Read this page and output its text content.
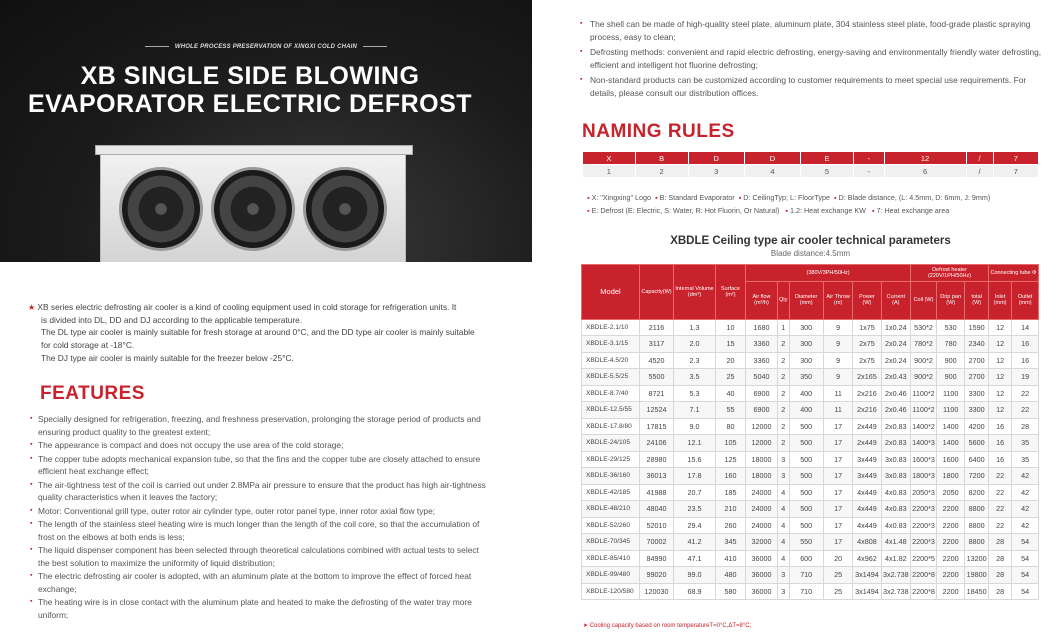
WHOLE PROCESS PRESERVATION OF XINGXI COLD CHAIN
XB SINGLE SIDE BLOWING
EVAPORATOR ELECTRIC DEFROST
★ XB series electric defrosting air cooler is a kind of cooling equipment used in cold storage for refrigeration units. It
is divided into DL, DD and DJ according to the applicable temperature.
The DL type air cooler is mainly suitable for fresh storage at around 0°C, and the DD type air cooler is mainly suitable
for cold storage at -18°C.
The DJ type air cooler is mainly suitable for the freezer below -25°C.
FEATURES
▪ Specially designed for refrigeration, freezing, and freshness preservation, prolonging the storage period of products and ensuring product quality to the greatest extent;
▪ The appearance is compact and does not occupy the use area of the cold storage;
▪ The copper tube adopts mechanical expansion tube, so that the fins and the copper tube are closely attached to ensure efficient heat exchange effect;
▪ The air-tightness test of the coil is carried out under 2.8MPa air pressure to ensure that the product has high air-tightness quality characteristics when it leaves the factory;
▪ Motor: Conventional grill type, outer rotor air cylinder type, outer rotor panel type, inner rotor axial flow type;
▪ The length of the stainless steel heating wire is much longer than the length of the coil core, so that the accumulation of frost on the elbows at both ends is less;
▪ The liquid dispenser component has been selected through theoretical calculations combined with actual tests to select the best solution to maximize the uniformity of liquid distribution;
▪ The electric defrosting air cooler is adopted, with an aluminum plate at the bottom to improve the effect of forced heat exchange;
▪ The heating wire is in close contact with the aluminum plate and heated to make the defrosting of the water tray more uniform;
▪ The shell can be made of high-quality steel plate, aluminum plate, 304 stainless steel plate, food-grade plastic spraying process, easy to clean;
▪ Defrosting methods: convenient and rapid electric defrosting, energy-saving and environmentally friendly water defrosting, efficient and intelligent hot fluorine defrosting;
▪ Non-standard products can be customized according to customer requirements to meet special use requirements. For details, please consult our distribution offices.
NAMING RULES
X	B	D	D	E	-	12	/	7
1	2	3	4	5	-	6	/	7
▪ X: "Xingxing" Logo ▪ B: Standard Evaporator ▪ D: CeilingTyp; L: FloorType ▪ D: Blade distance, (L: 4.5mm, D: 6mm, J: 9mm)
▪ E: Defrost (E: Electric, S: Water, R: Hot Fluorin, Or Natural) ▪ 1.2: Heat exchange KW ▪ 7: Heat exchange area
XBDLE Ceiling type air cooler technical parameters
Blade distance:4.5mm
Model	Capacity(W)	Internal Volume (dm³)	Surface (m²)	(380V/3PH/50Hz)						Defrost heater (220V/1PH/50Hz)			Connecting tube Φ	
				Air flow (m³/h)	Qty	Diameter (mm)	Air Throw (m)	Power (W)	Current (A)	Coil (W)	Drip pan (W)	total (W)	Inlet (mm)	Outlet (mm)
XBDLE-2.1/10	2116	1.3	10	1680	1	300	9	1x75	1x0.24	530*2	530	1590	12	14
XBDLE-3.1/15	3117	2.0	15	3360	2	300	9	2x75	2x0.24	780*2	780	2340	12	16
XBDLE-4.5/20	4520	2.3	20	3360	2	300	9	2x75	2x0.24	900*2	900	2700	12	16
XBDLE-5.5/25	5500	3.5	25	5040	2	350	9	2x165	2x0.43	900*2	900	2700	12	19
XBDLE-8.7/40	8721	5.3	40	6900	2	400	11	2x216	2x0.46	1100*2	1100	3300	12	22
XBDLE-12.5/55	12524	7.1	55	6900	2	400	11	2x216	2x0.46	1100*2	1100	3300	12	22
XBDLE-17.8/80	17815	9.0	80	12000	2	500	17	2x449	2x0.83	1400*2	1400	4200	16	28
XBDLE-24/105	24106	12.1	105	12000	2	500	17	2x449	2x0.83	1400*3	1400	5600	16	35
XBDLE-29/125	28980	15.6	125	18000	3	500	17	3x449	3x0.83	1600*3	1600	6400	16	35
XBDLE-36/160	36013	17.8	160	18000	3	500	17	3x449	3x0.83	1800*3	1800	7200	22	42
XBDLE-42/185	41988	20.7	185	24000	4	500	17	4x449	4x0.83	2050*3	2050	8200	22	42
XBDLE-48/210	48040	23.5	210	24000	4	500	17	4x449	4x0.83	2200*3	2200	8800	22	42
XBDLE-52/260	52010	29.4	260	24000	4	500	17	4x449	4x0.83	2200*3	2200	8800	22	42
XBDLE-70/345	70002	41.2	345	32000	4	550	17	4x808	4x1.48	2200*3	2200	8800	28	54
XBDLE-85/410	84990	47.1	410	36000	4	600	20	4x962	4x1.82	2200*5	2200	13200	28	54
XBDLE-99/480	99020	99.0	480	36000	3	710	25	3x1494	3x2.738	2200*8	2200	19800	28	54
XBDLE-120/580	120030	68.9	580	36000	3	710	25	3x1494	3x2.738	2200*8	2200	18450	28	54
➤ Cooling capacity based on room temperatureT=0°C,ΔT=8°C;
